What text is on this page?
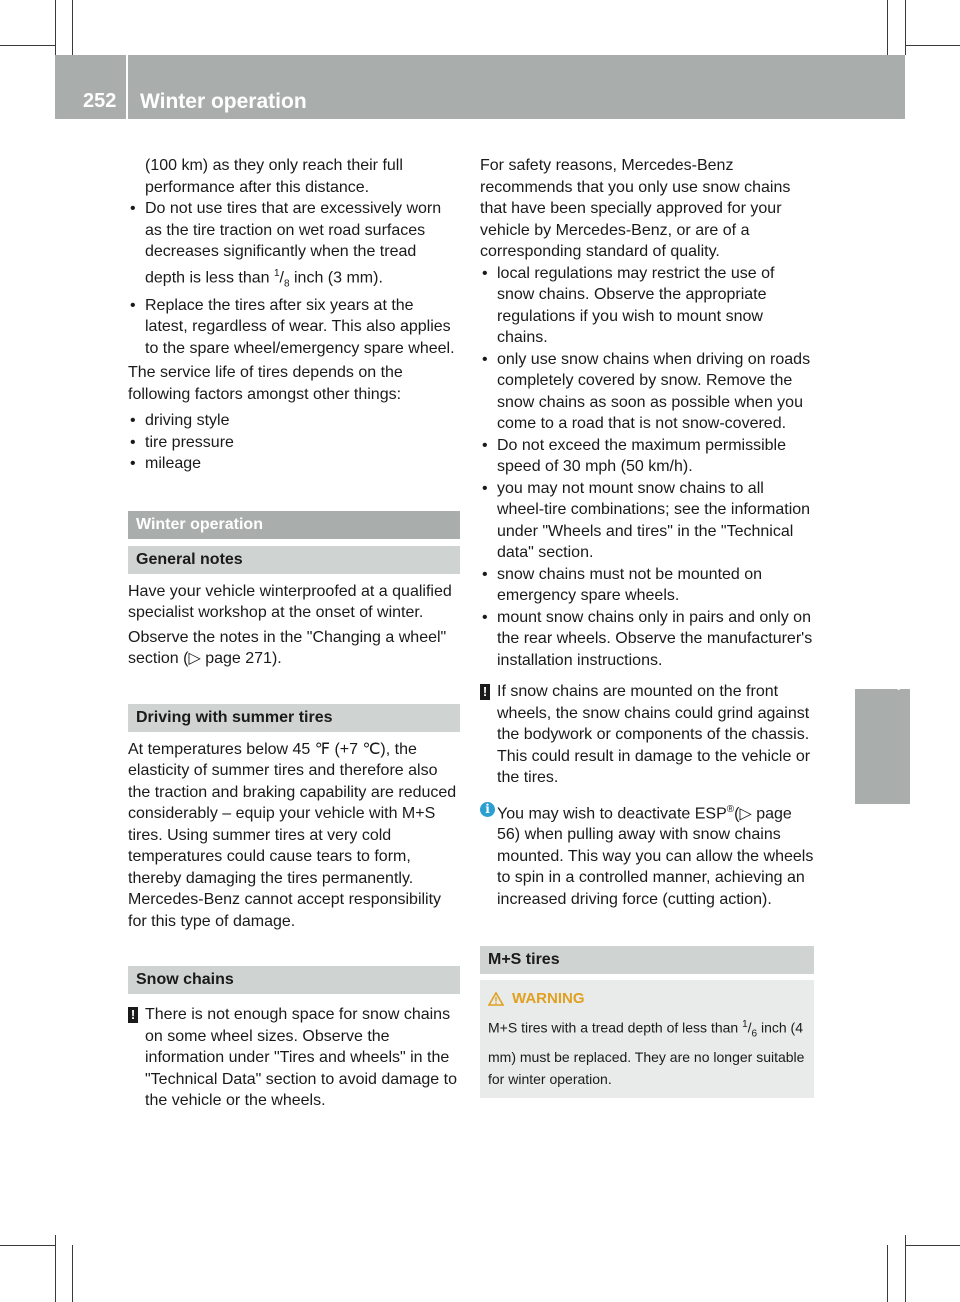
252 Winter operation
Tires and wheels

(100 km) as they only reach their full performance after this distance.

• Do not use tires that are excessively worn as the tire traction on wet road surfaces decreases significantly when the tread depth is less than $^1/_8$ inch (3 mm).

• Replace the tires after six years at the latest, regardless of wear. This also applies to the spare wheel/emergency spare wheel.

The service life of tires depends on the following factors amongst other things:

• driving style

• tire pressure

• mileage

Winter operation
General notes

Have your vehicle winterproofed at a qualified specialist workshop at the onset of winter.

Observe the notes in the "Changing a wheel" section (▷ page 271).

Driving with summer tires

At temperatures below 45 ℉ (+7 ℃), the elasticity of summer tires and therefore also the traction and braking capability are reduced considerably – equip your vehicle with M+S tires. Using summer tires at very cold temperatures could cause tears to form, thereby damaging the tires permanently. Mercedes-Benz cannot accept responsibility for this type of damage.

Snow chains
! There is not enough space for snow chains on some wheel sizes. Observe the information under "Tires and wheels" in the "Technical Data" section to avoid damage to the vehicle or the wheels.

For safety reasons, Mercedes-Benz recommends that you only use snow chains that have been specially approved for your vehicle by Mercedes-Benz, or are of a corresponding standard of quality.

• local regulations may restrict the use of snow chains. Observe the appropriate regulations if you wish to mount snow chains.

• only use snow chains when driving on roads completely covered by snow. Remove the snow chains as soon as possible when you come to a road that is not snow-covered.

• Do not exceed the maximum permissible speed of 30 mph (50 km/h).

• you may not mount snow chains to all wheel-tire combinations; see the information under "Wheels and tires" in the "Technical data" section.

• snow chains must not be mounted on emergency spare wheels.

• mount snow chains only in pairs and only on the rear wheels. Observe the manufacturer's installation instructions.

! If snow chains are mounted on the front wheels, the snow chains could grind against the bodywork or components of the chassis. This could result in damage to the vehicle or the tires.
i You may wish to deactivate ESP®(▷ page 56) when pulling away with snow chains mounted. This way you can allow the wheels to spin in a controlled manner, achieving an increased driving force (cutting action).
M+S tires
WARNING

M+S tires with a tread depth of less than $^1/_6$ inch (4 mm) must be replaced. They are no longer suitable for winter operation.
